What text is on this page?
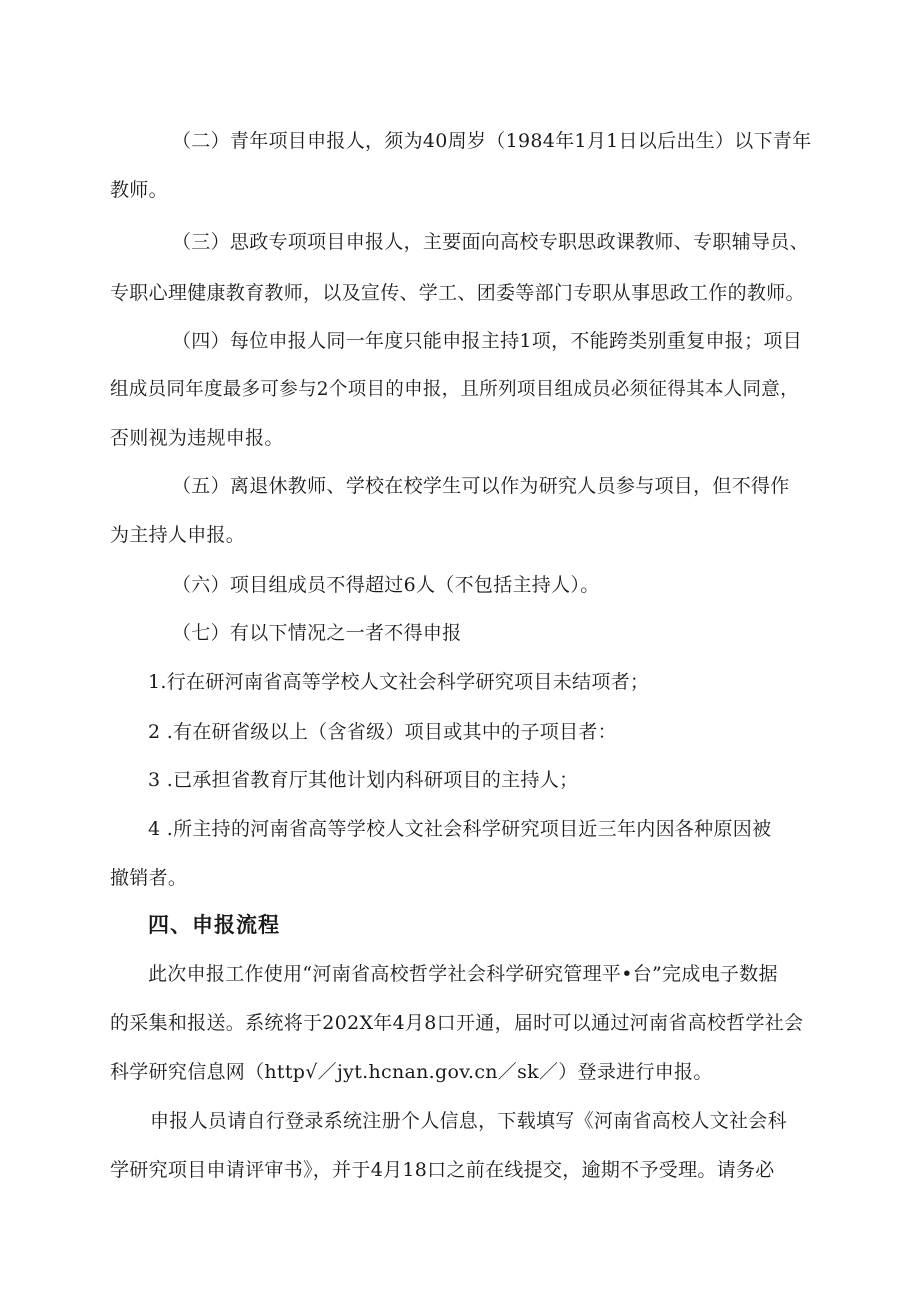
（二）青年项目申报人，须为40周岁（1984年1月1日以后出生）以下青年
教师。
（三）思政专项项目申报人，主要面向高校专职思政课教师、专职辅导员、
专职心理健康教育教师，以及宣传、学工、团委等部门专职从事思政工作的教师。
（四）每位申报人同一年度只能申报主持1项，不能跨类别重复申报；项目
组成员同年度最多可参与2个项目的申报，且所列项目组成员必须征得其本人同意，
否则视为违规申报。
（五）离退休教师、学校在校学生可以作为研究人员参与项目，但不得作
为主持人申报。
（六）项目组成员不得超过6人（不包括主持人）。
（七）有以下情况之一者不得申报
1.行在研河南省高等学校人文社会科学研究项目未结项者；
2 .有在研省级以上（含省级）项目或其中的子项目者：
3 .已承担省教育厅其他计划内科研项目的主持人；
4 .所主持的河南省高等学校人文社会科学研究项目近三年内因各种原因被
撤销者。
四、申报流程
此次申报工作使用“河南省高校哲学社会科学研究管理平•台”完成电子数据
的采集和报送。系统将于202X年4月8口开通，届时可以通过河南省高校哲学社会
科学研究信息网（http√／jyt.hcnan.gov.cn／sk／）登录进行申报。
申报人员请自行登录系统注册个人信息，下载填写《河南省高校人文社会科
学研究项目申请评审书》，并于4月18口之前在线提交，逾期不予受理。请务必
